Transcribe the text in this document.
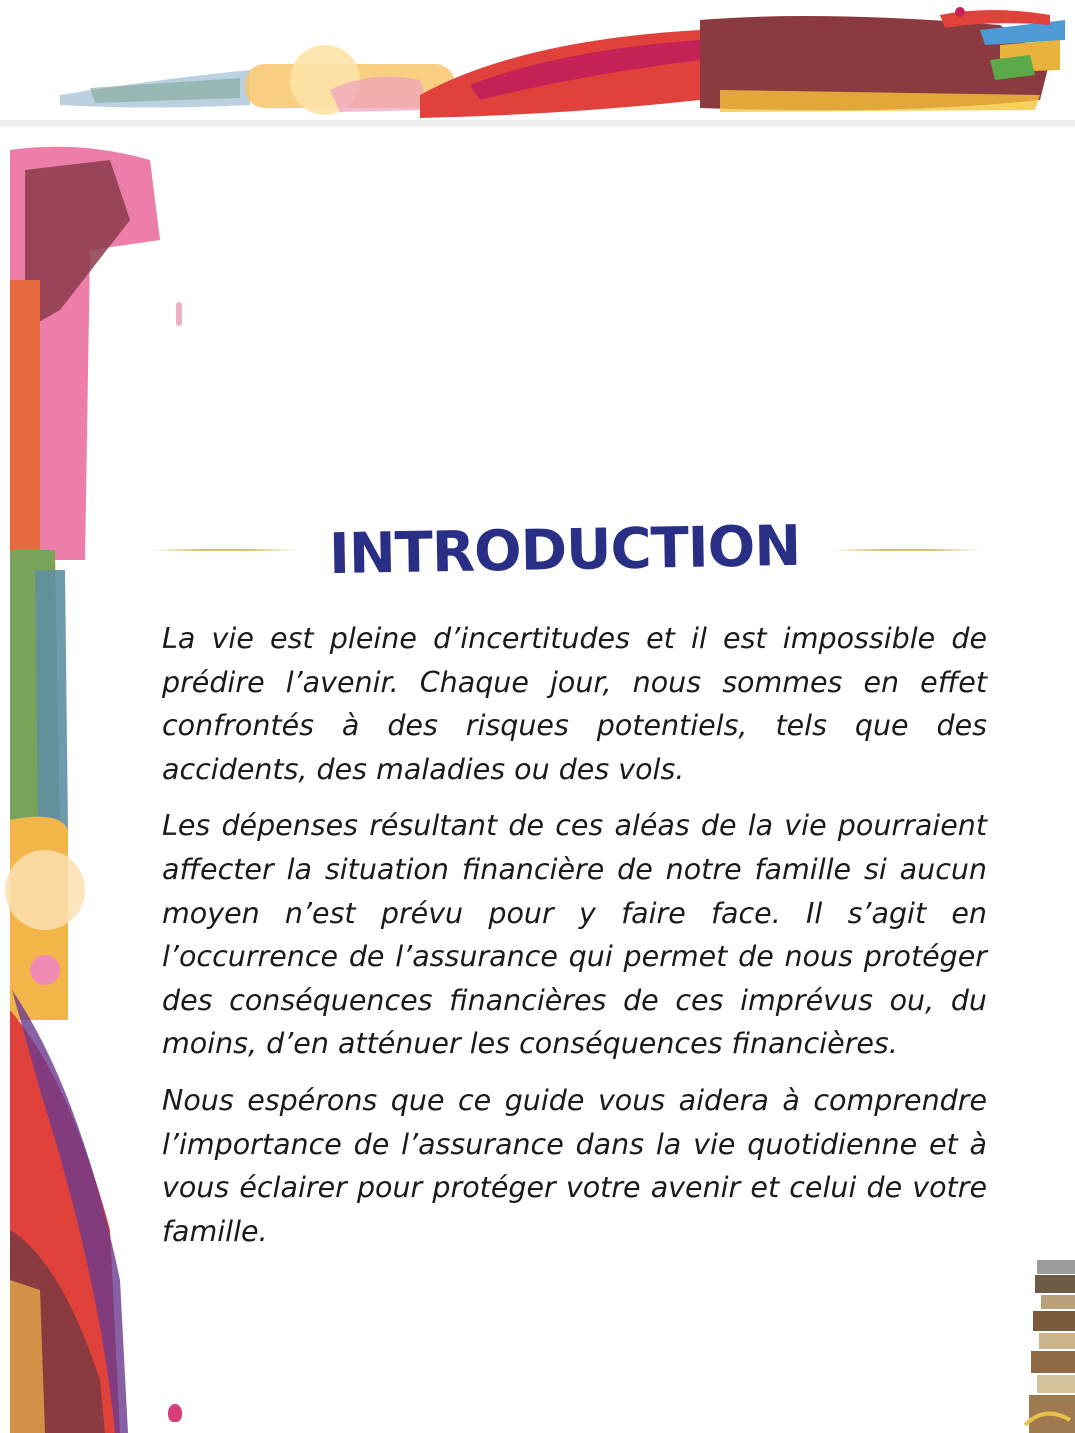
INTRODUCTION

La vie est pleine d’incertitudes et il est impossible de prédire l’avenir. Chaque jour, nous sommes en effet confrontés à des risques potentiels, tels que des accidents, des maladies ou des vols.

Les dépenses résultant de ces aléas de la vie pourraient affecter la situation financière de notre famille si aucun moyen n’est prévu pour y faire face. Il s’agit en l’occurrence de l’assurance qui permet de nous protéger des conséquences financières de ces imprévus ou, du moins, d’en atténuer les conséquences financières.

Nous espérons que ce guide vous aidera à comprendre l’importance de l’assurance dans la vie quotidienne et à vous éclairer pour protéger votre avenir et celui de votre famille.
